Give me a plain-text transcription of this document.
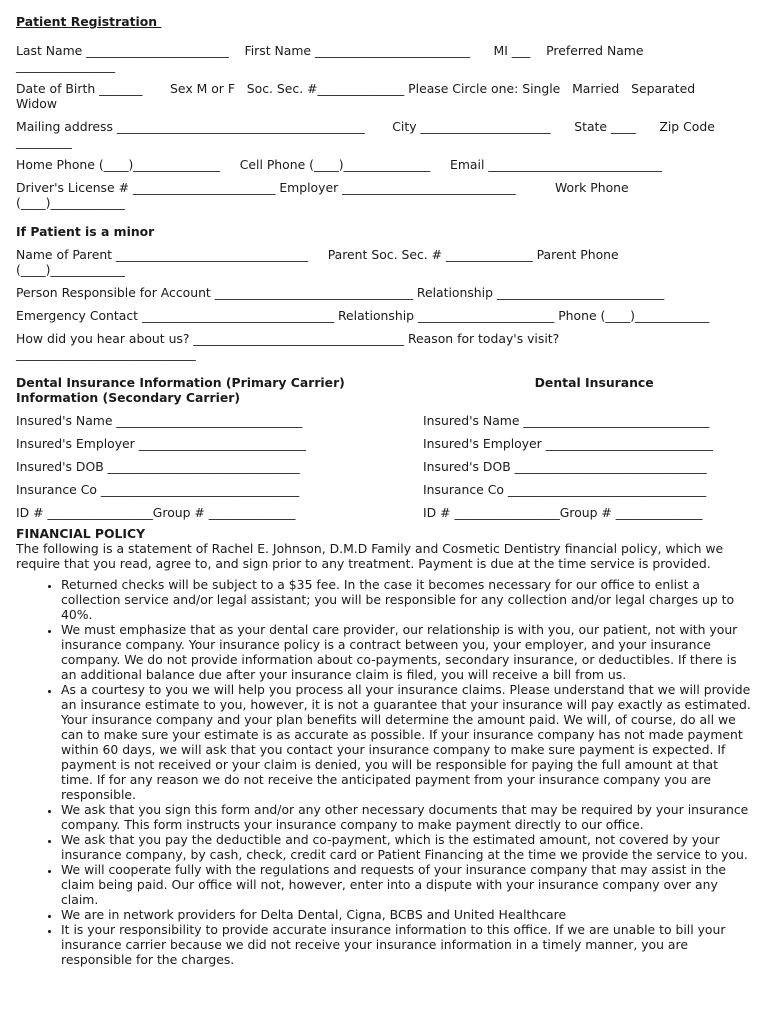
Patient Registration

Last Name _______________________    First Name _________________________      MI ___    Preferred Name

________________

Date of Birth _______       Sex M or F   Soc. Sec. #______________ Please Circle one: Single   Married   Separated

Widow

Mailing address ________________________________________       City _____________________      State ____      Zip Code

_________

Home Phone (____)______________     Cell Phone (____)______________     Email ____________________________

Driver's License # _______________________ Employer ____________________________          Work Phone

(____)____________

If Patient is a minor

Name of Parent _______________________________     Parent Soc. Sec. # ______________ Parent Phone

(____)____________

Person Responsible for Account ________________________________ Relationship ___________________________

Emergency Contact _______________________________ Relationship ______________________ Phone (____)____________

How did you hear about us? __________________________________ Reason for today's visit?

_____________________________

Dental Insurance Information (Primary Carrier)                                            Dental Insurance

Information (Secondary Carrier)

Insured's Name ______________________________	Insured's Name ______________________________

Insured's Employer ___________________________	Insured's Employer ___________________________

Insured's DOB _______________________________	Insured's DOB _______________________________

Insurance Co ________________________________	Insurance Co ________________________________

ID # _________________Group # ______________	ID # _________________Group # ______________

FINANCIAL POLICY

The following is a statement of Rachel E. Johnson, D.M.D Family and Cosmetic Dentistry financial policy, which we require that you read, agree to, and sign prior to any treatment. Payment is due at the time service is provided.

• Returned checks will be subject to a $35 fee. In the case it becomes necessary for our office to enlist a collection service and/or legal assistant; you will be responsible for any collection and/or legal charges up to 40%.
• We must emphasize that as your dental care provider, our relationship is with you, our patient, not with your insurance company. Your insurance policy is a contract between you, your employer, and your insurance company. We do not provide information about co-payments, secondary insurance, or deductibles. If there is an additional balance due after your insurance claim is filed, you will receive a bill from us.
• As a courtesy to you we will help you process all your insurance claims. Please understand that we will provide an insurance estimate to you, however, it is not a guarantee that your insurance will pay exactly as estimated. Your insurance company and your plan benefits will determine the amount paid. We will, of course, do all we can to make sure your estimate is as accurate as possible. If your insurance company has not made payment within 60 days, we will ask that you contact your insurance company to make sure payment is expected. If payment is not received or your claim is denied, you will be responsible for paying the full amount at that time. If for any reason we do not receive the anticipated payment from your insurance company you are responsible.
• We ask that you sign this form and/or any other necessary documents that may be required by your insurance company. This form instructs your insurance company to make payment directly to our office.
• We ask that you pay the deductible and co-payment, which is the estimated amount, not covered by your insurance company, by cash, check, credit card or Patient Financing at the time we provide the service to you.
• We will cooperate fully with the regulations and requests of your insurance company that may assist in the claim being paid. Our office will not, however, enter into a dispute with your insurance company over any claim.
• We are in network providers for Delta Dental, Cigna, BCBS and United Healthcare
• It is your responsibility to provide accurate insurance information to this office. If we are unable to bill your insurance carrier because we did not receive your insurance information in a timely manner, you are responsible for the charges.
